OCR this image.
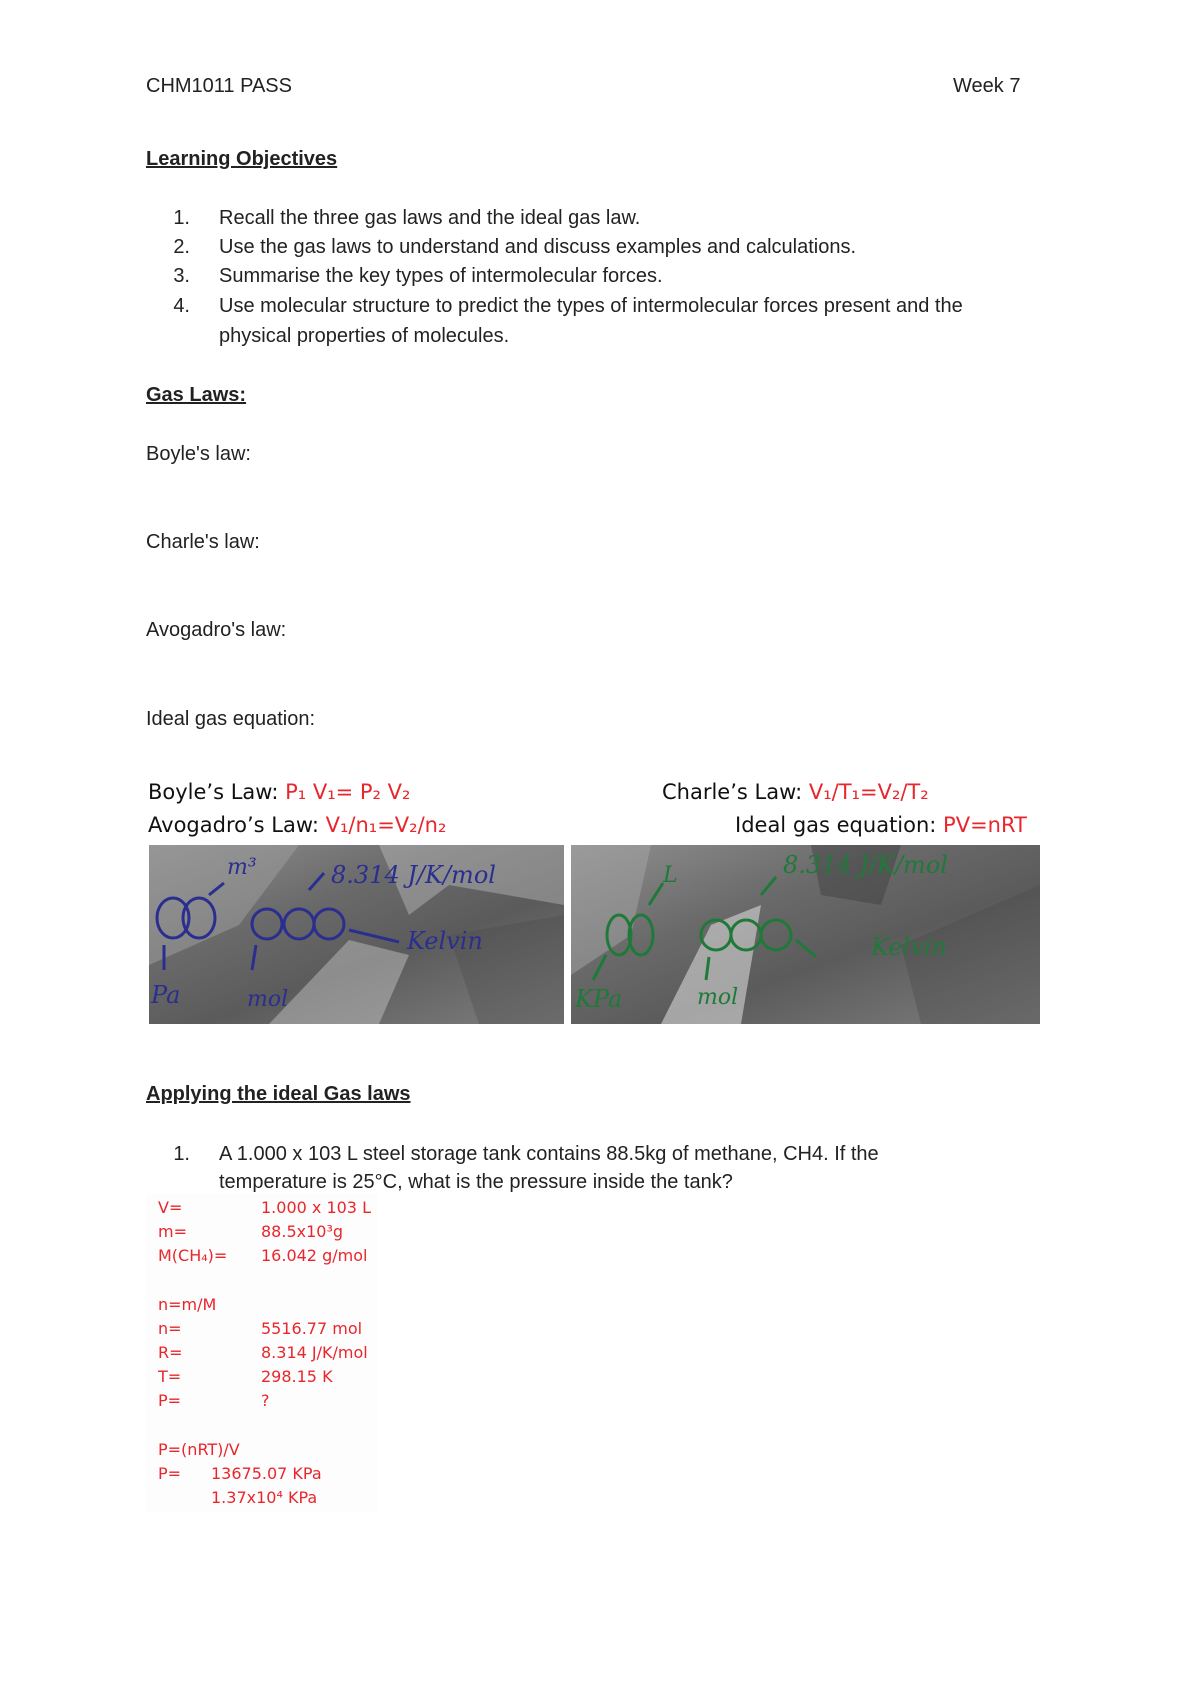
CHM1011 PASS	Week 7
Learning Objectives
1. Recall the three gas laws and the ideal gas law.
2. Use the gas laws to understand and discuss examples and calculations.
3. Summarise the key types of intermolecular forces.
4. Use molecular structure to predict the types of intermolecular forces present and the
physical properties of molecules.
Gas Laws:
Boyle's law:
Charle's law:
Avogadro's law:
Ideal gas equation:
Boyle’s Law: P₁ V₁= P₂ V₂	Charle’s Law: V₁/T₁=V₂/T₂
Avogadro’s Law: V₁/n₁=V₂/n₂	Ideal gas equation: PV=nRT
m³	8.314 J/K/mol
Kelvin
Pa	mol
L	8.314 J/K/mol
Kelvin
KPa	mol
Applying the ideal Gas laws
1. A 1.000 x 103 L steel storage tank contains 88.5kg of methane, CH4. If the
temperature is 25°C, what is the pressure inside the tank?
V=	1.000 x 103 L
m=	88.5x10³g
M(CH₄)= 16.042 g/mol
n=m/M
n=	5516.77 mol
R=	8.314 J/K/mol
T=	298.15 K
P=	?
P=(nRT)/V
P= 13675.07 KPa
1.37x10⁴ KPa
